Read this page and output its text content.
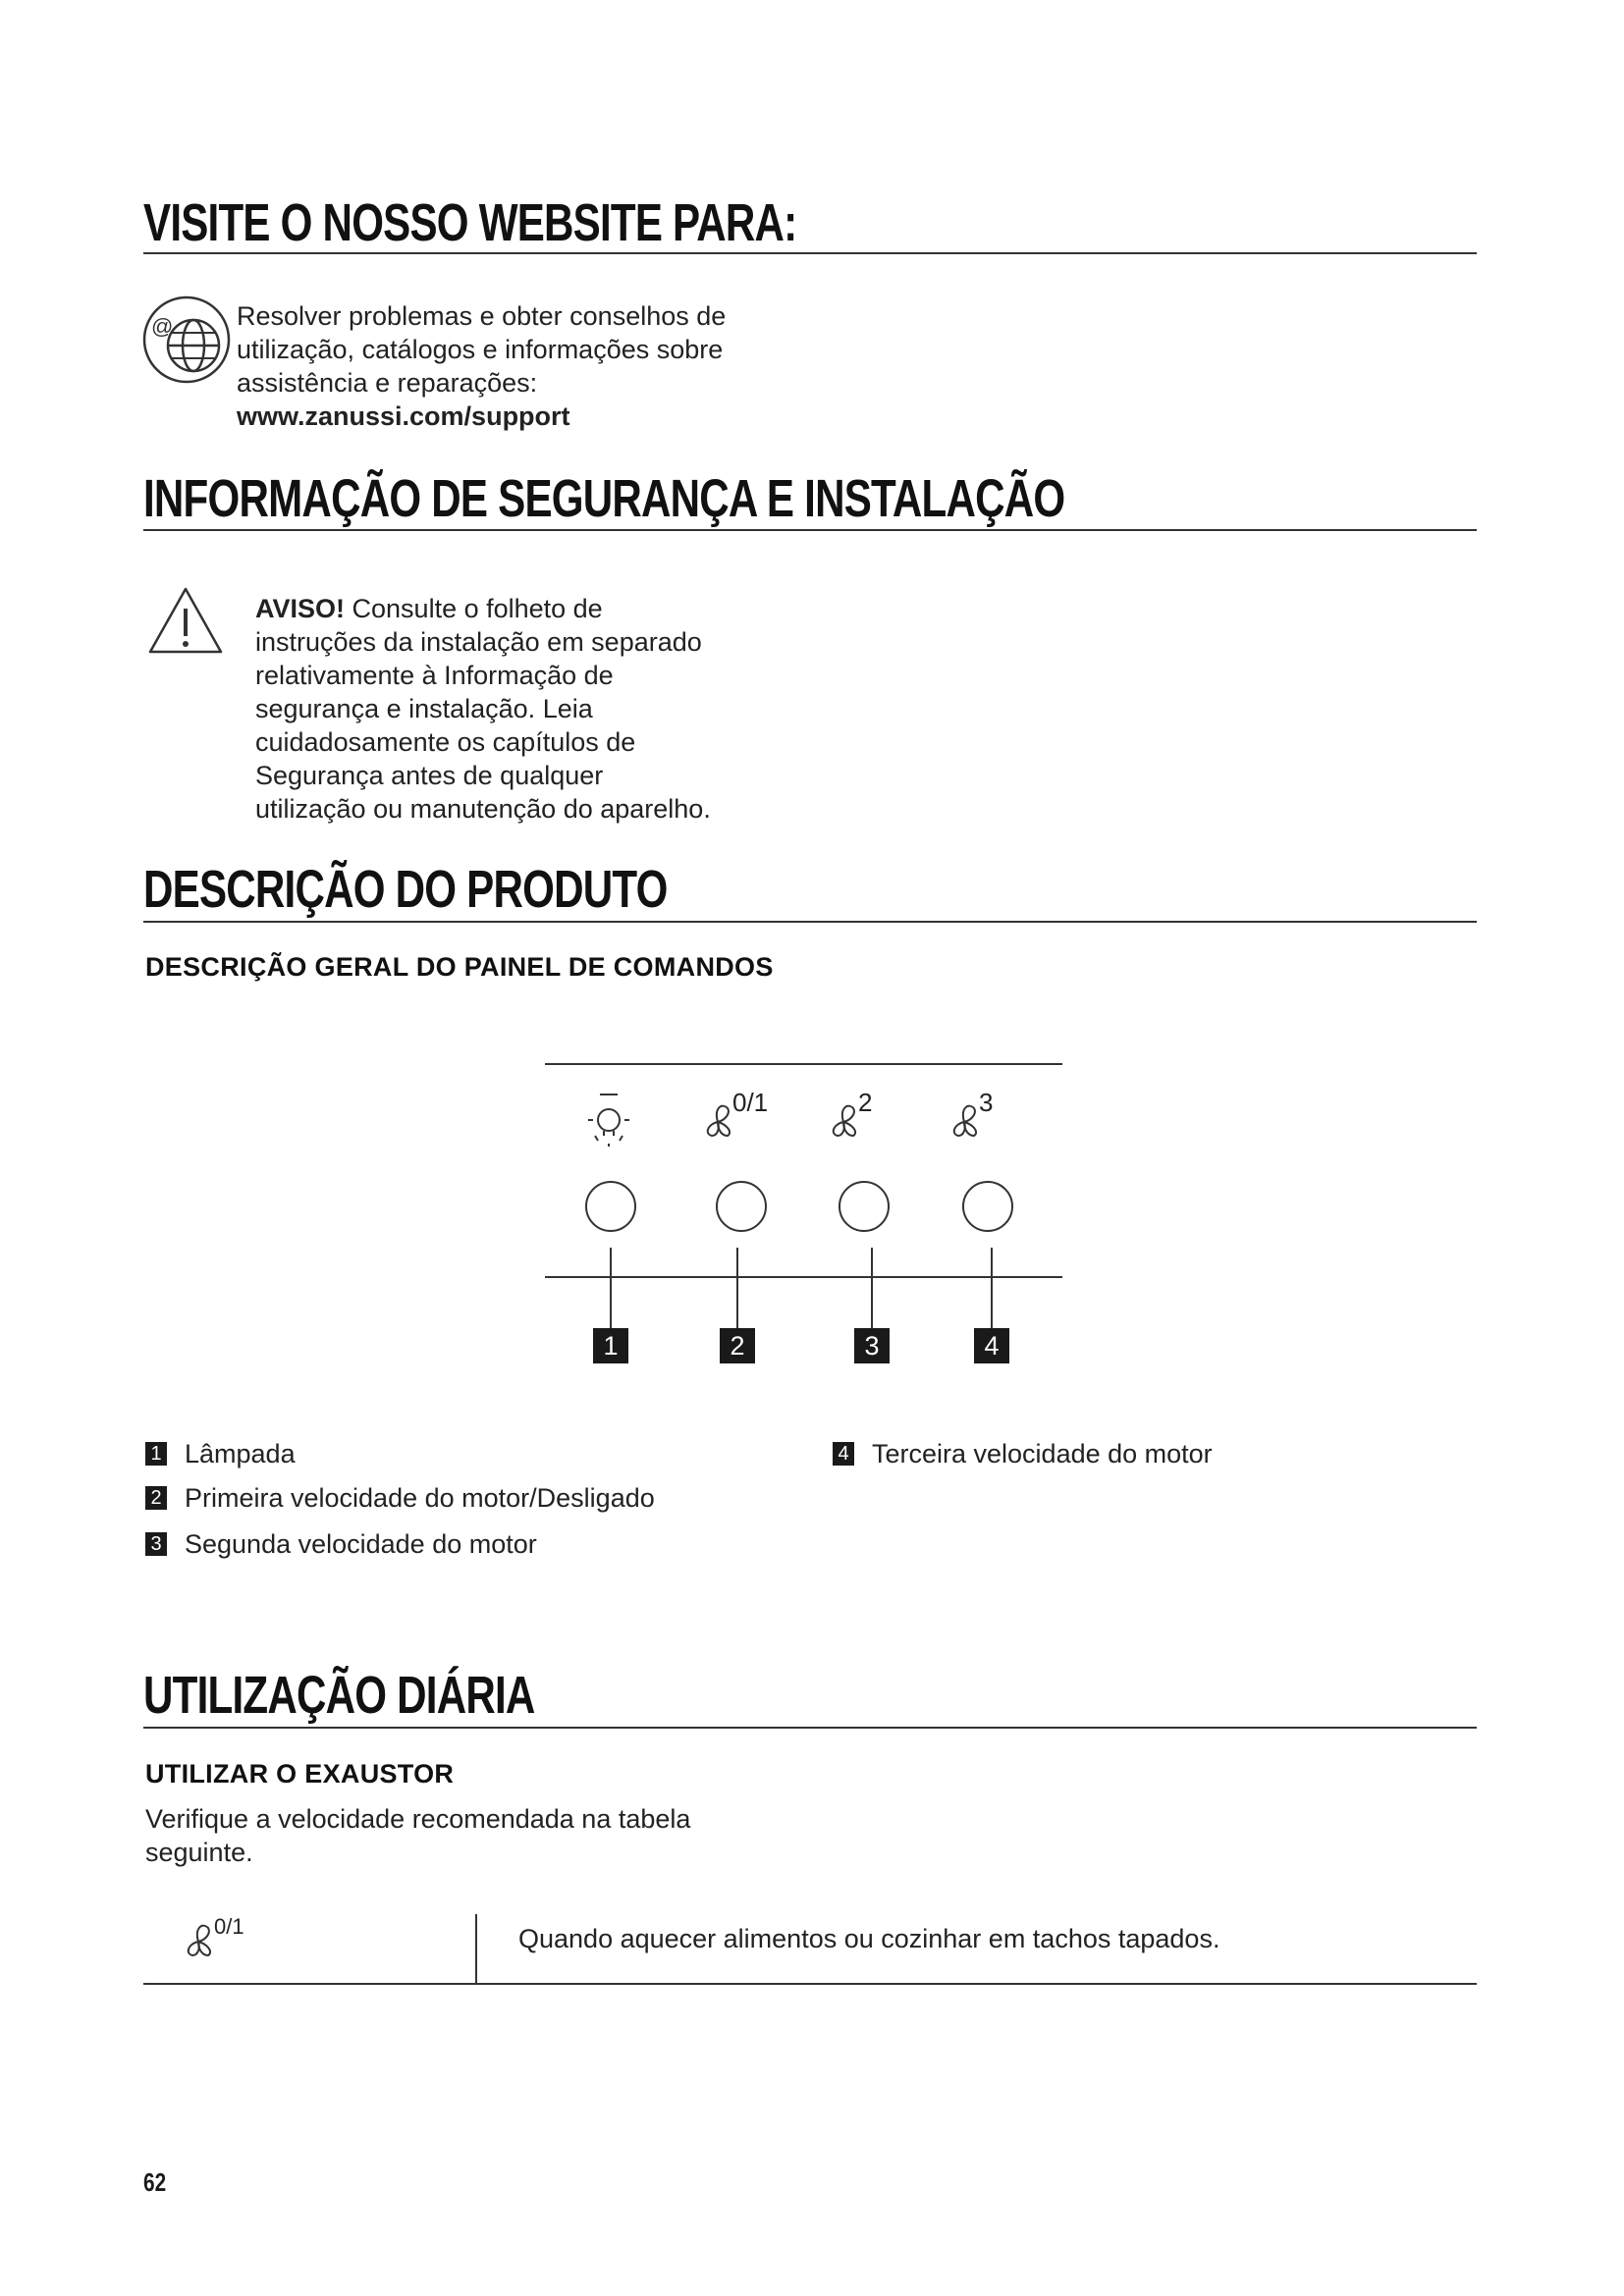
VISITE O NOSSO WEBSITE PARA:
@ Resolver problemas e obter conselhos de
utilização, catálogos e informações sobre
assistência e reparações:
www.zanussi.com/support
INFORMAÇÃO DE SEGURANÇA E INSTALAÇÃO
AVISO! Consulte o folheto de
instruções da instalação em separado
relativamente à Informação de
segurança e instalação. Leia
cuidadosamente os capítulos de
Segurança antes de qualquer
utilização ou manutenção do aparelho.
DESCRIÇÃO DO PRODUTO
DESCRIÇÃO GERAL DO PAINEL DE COMANDOS
0/1	2	3
1	2	3	4
1 Lâmpada
2 Primeira velocidade do motor/Desligado
3 Segunda velocidade do motor
4 Terceira velocidade do motor
UTILIZAÇÃO DIÁRIA
UTILIZAR O EXAUSTOR
Verifique a velocidade recomendada na tabela
seguinte.
0/1	Quando aquecer alimentos ou cozinhar em tachos tapados.
62
